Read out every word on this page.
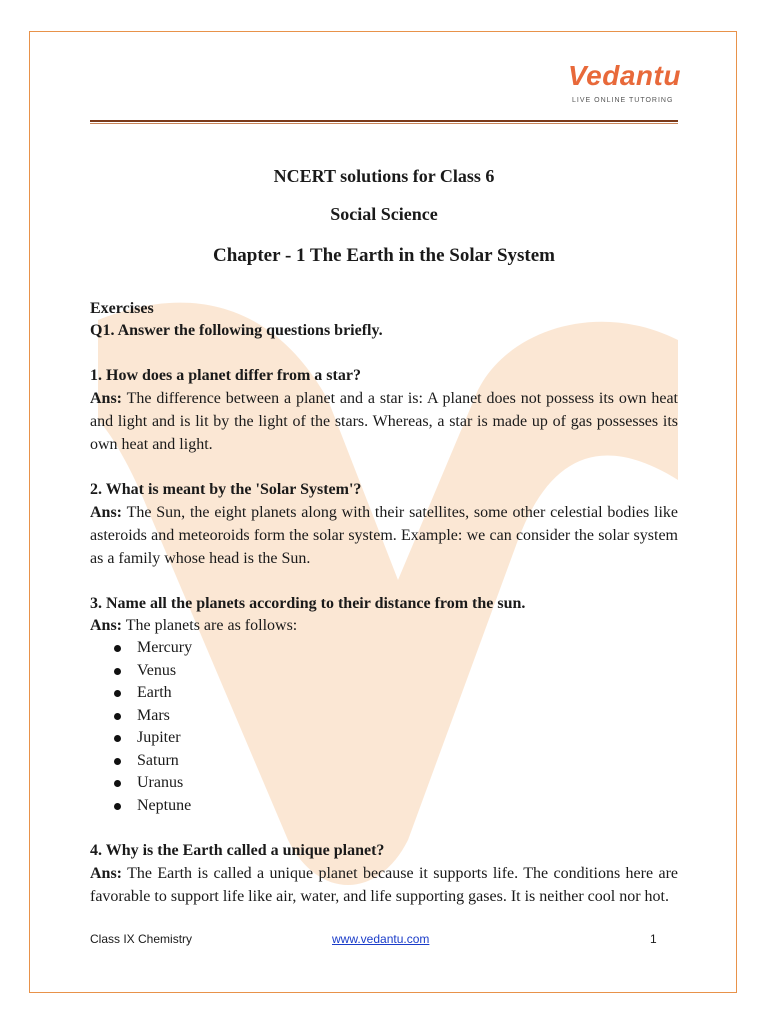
Vedantu
LIVE ONLINE TUTORING

NCERT solutions for Class 6

Social Science

Chapter - 1 The Earth in the Solar System

Exercises

Q1. Answer the following questions briefly.

1. How does a planet differ from a star?

Ans: The difference between a planet and a star is: A planet does not possess its own heat and light and is lit by the light of the stars. Whereas, a star is made up of gas possesses its own heat and light.

2. What is meant by the 'Solar System'?

Ans: The Sun, the eight planets along with their satellites, some other celestial bodies like asteroids and meteoroids form the solar system. Example: we can consider the solar system as a family whose head is the Sun.

3. Name all the planets according to their distance from the sun.

Ans: The planets are as follows:

Mercury
Venus
Earth
Mars
Jupiter
Saturn
Uranus
Neptune

4. Why is the Earth called a unique planet?

Ans: The Earth is called a unique planet because it supports life. The conditions here are favorable to support life like air, water, and life supporting gases. It is neither cool nor hot.

Class IX Chemistry	www.vedantu.com	1
